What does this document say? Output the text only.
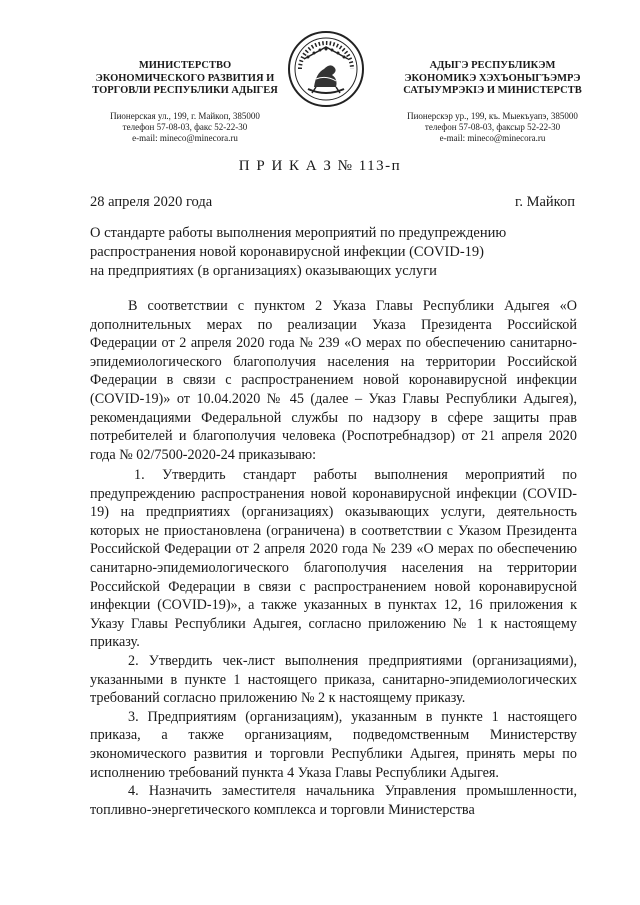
МИНИСТЕРСТВО
ЭКОНОМИЧЕСКОГО РАЗВИТИЯ И
ТОРГОВЛИ РЕСПУБЛИКИ АДЫГЕЯ
Пионерская ул., 199, г. Майкоп, 385000
телефон 57-08-03, факс 52-22-30
e-mail: mineco@minecora.ru
АДЫГЭ РЕСПУБЛИКЭМ
ЭКОНОМИКЭ ХЭХЪОНЫГЪЭМРЭ
САТЫУМРЭКIЭ И МИНИСТЕРСТВ
Пионерскэр ур., 199, къ. Мыекъуапэ, 385000
телефон 57-08-03, факсыр 52-22-30
e-mail: mineco@minecora.ru
П Р И К А З № 113-п
28 апреля 2020 года	г. Майкоп
О стандарте работы выполнения мероприятий по предупреждению
распространения новой коронавирусной инфекции (COVID-19)
на предприятиях (в организациях) оказывающих услуги
В соответствии с пунктом 2 Указа Главы Республики Адыгея «О дополнительных мерах по реализации Указа Президента Российской Федерации от 2 апреля 2020 года № 239 «О мерах по обеспечению санитарно-эпидемиологического благополучия населения на территории Российской Федерации в связи с распространением новой коронавирусной инфекции (COVID-19)» от 10.04.2020 № 45 (далее – Указ Главы Республики Адыгея), рекомендациями Федеральной службы по надзору в сфере защиты прав потребителей и благополучия человека (Роспотребнадзор) от 21 апреля 2020 года № 02/7500-2020-24 приказываю:

1. Утвердить стандарт работы выполнения мероприятий по предупреждению распространения новой коронавирусной инфекции (COVID-19) на предприятиях (организациях) оказывающих услуги, деятельность которых не приостановлена (ограничена) в соответствии с Указом Президента Российской Федерации от 2 апреля 2020 года № 239 «О мерах по обеспечению санитарно-эпидемиологического благополучия населения на территории Российской Федерации в связи с распространением новой коронавирусной инфекции (COVID-19)», а также указанных в пунктах 12, 16 приложения к Указу Главы Республики Адыгея, согласно приложению № 1 к настоящему приказу.

2. Утвердить чек-лист выполнения предприятиями (организациями), указанными в пункте 1 настоящего приказа, санитарно-эпидемиологических требований согласно приложению № 2 к настоящему приказу.

3. Предприятиям (организациям), указанным в пункте 1 настоящего приказа, а также организациям, подведомственным Министерству экономического развития и торговли Республики Адыгея, принять меры по исполнению требований пункта 4 Указа Главы Республики Адыгея.

4. Назначить заместителя начальника Управления промышленности, топливно-энергетического комплекса и торговли Министерства
